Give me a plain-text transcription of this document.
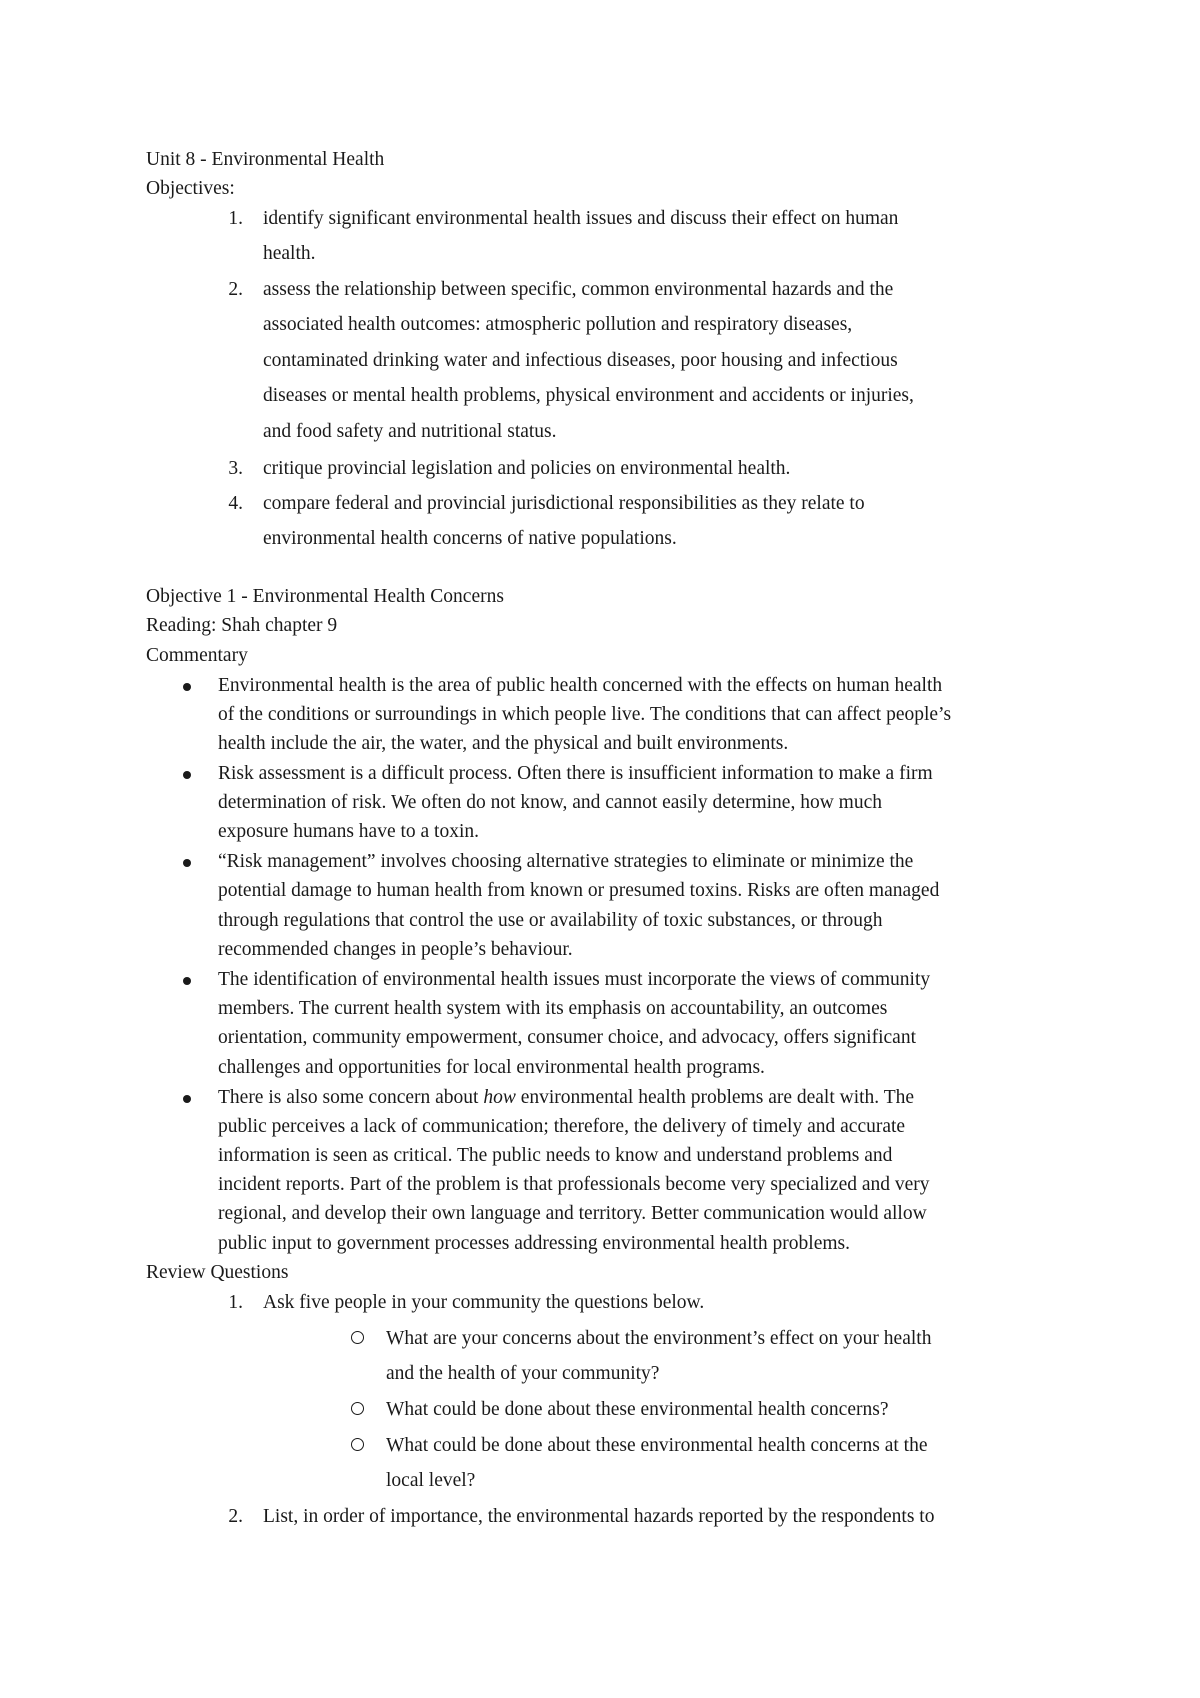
Unit 8 - Environmental Health
Objectives:
1. identify significant environmental health issues and discuss their effect on human
health.
2. assess the relationship between specific, common environmental hazards and the
associated health outcomes: atmospheric pollution and respiratory diseases,
contaminated drinking water and infectious diseases, poor housing and infectious
diseases or mental health problems, physical environment and accidents or injuries,
and food safety and nutritional status.
3. critique provincial legislation and policies on environmental health.
4. compare federal and provincial jurisdictional responsibilities as they relate to
environmental health concerns of native populations.
Objective 1 - Environmental Health Concerns
Reading: Shah chapter 9
Commentary
Environmental health is the area of public health concerned with the effects on human health
of the conditions or surroundings in which people live. The conditions that can affect people’s
health include the air, the water, and the physical and built environments.
Risk assessment is a difficult process. Often there is insufficient information to make a firm
determination of risk. We often do not know, and cannot easily determine, how much
exposure humans have to a toxin.
“Risk management” involves choosing alternative strategies to eliminate or minimize the
potential damage to human health from known or presumed toxins. Risks are often managed
through regulations that control the use or availability of toxic substances, or through
recommended changes in people’s behaviour.
The identification of environmental health issues must incorporate the views of community
members. The current health system with its emphasis on accountability, an outcomes
orientation, community empowerment, consumer choice, and advocacy, offers significant
challenges and opportunities for local environmental health programs.
There is also some concern about how environmental health problems are dealt with. The
public perceives a lack of communication; therefore, the delivery of timely and accurate
information is seen as critical. The public needs to know and understand problems and
incident reports. Part of the problem is that professionals become very specialized and very
regional, and develop their own language and territory. Better communication would allow
public input to government processes addressing environmental health problems.
Review Questions
1. Ask five people in your community the questions below.
What are your concerns about the environment’s effect on your health
and the health of your community?
What could be done about these environmental health concerns?
What could be done about these environmental health concerns at the
local level?
2. List, in order of importance, the environmental hazards reported by the respondents to
